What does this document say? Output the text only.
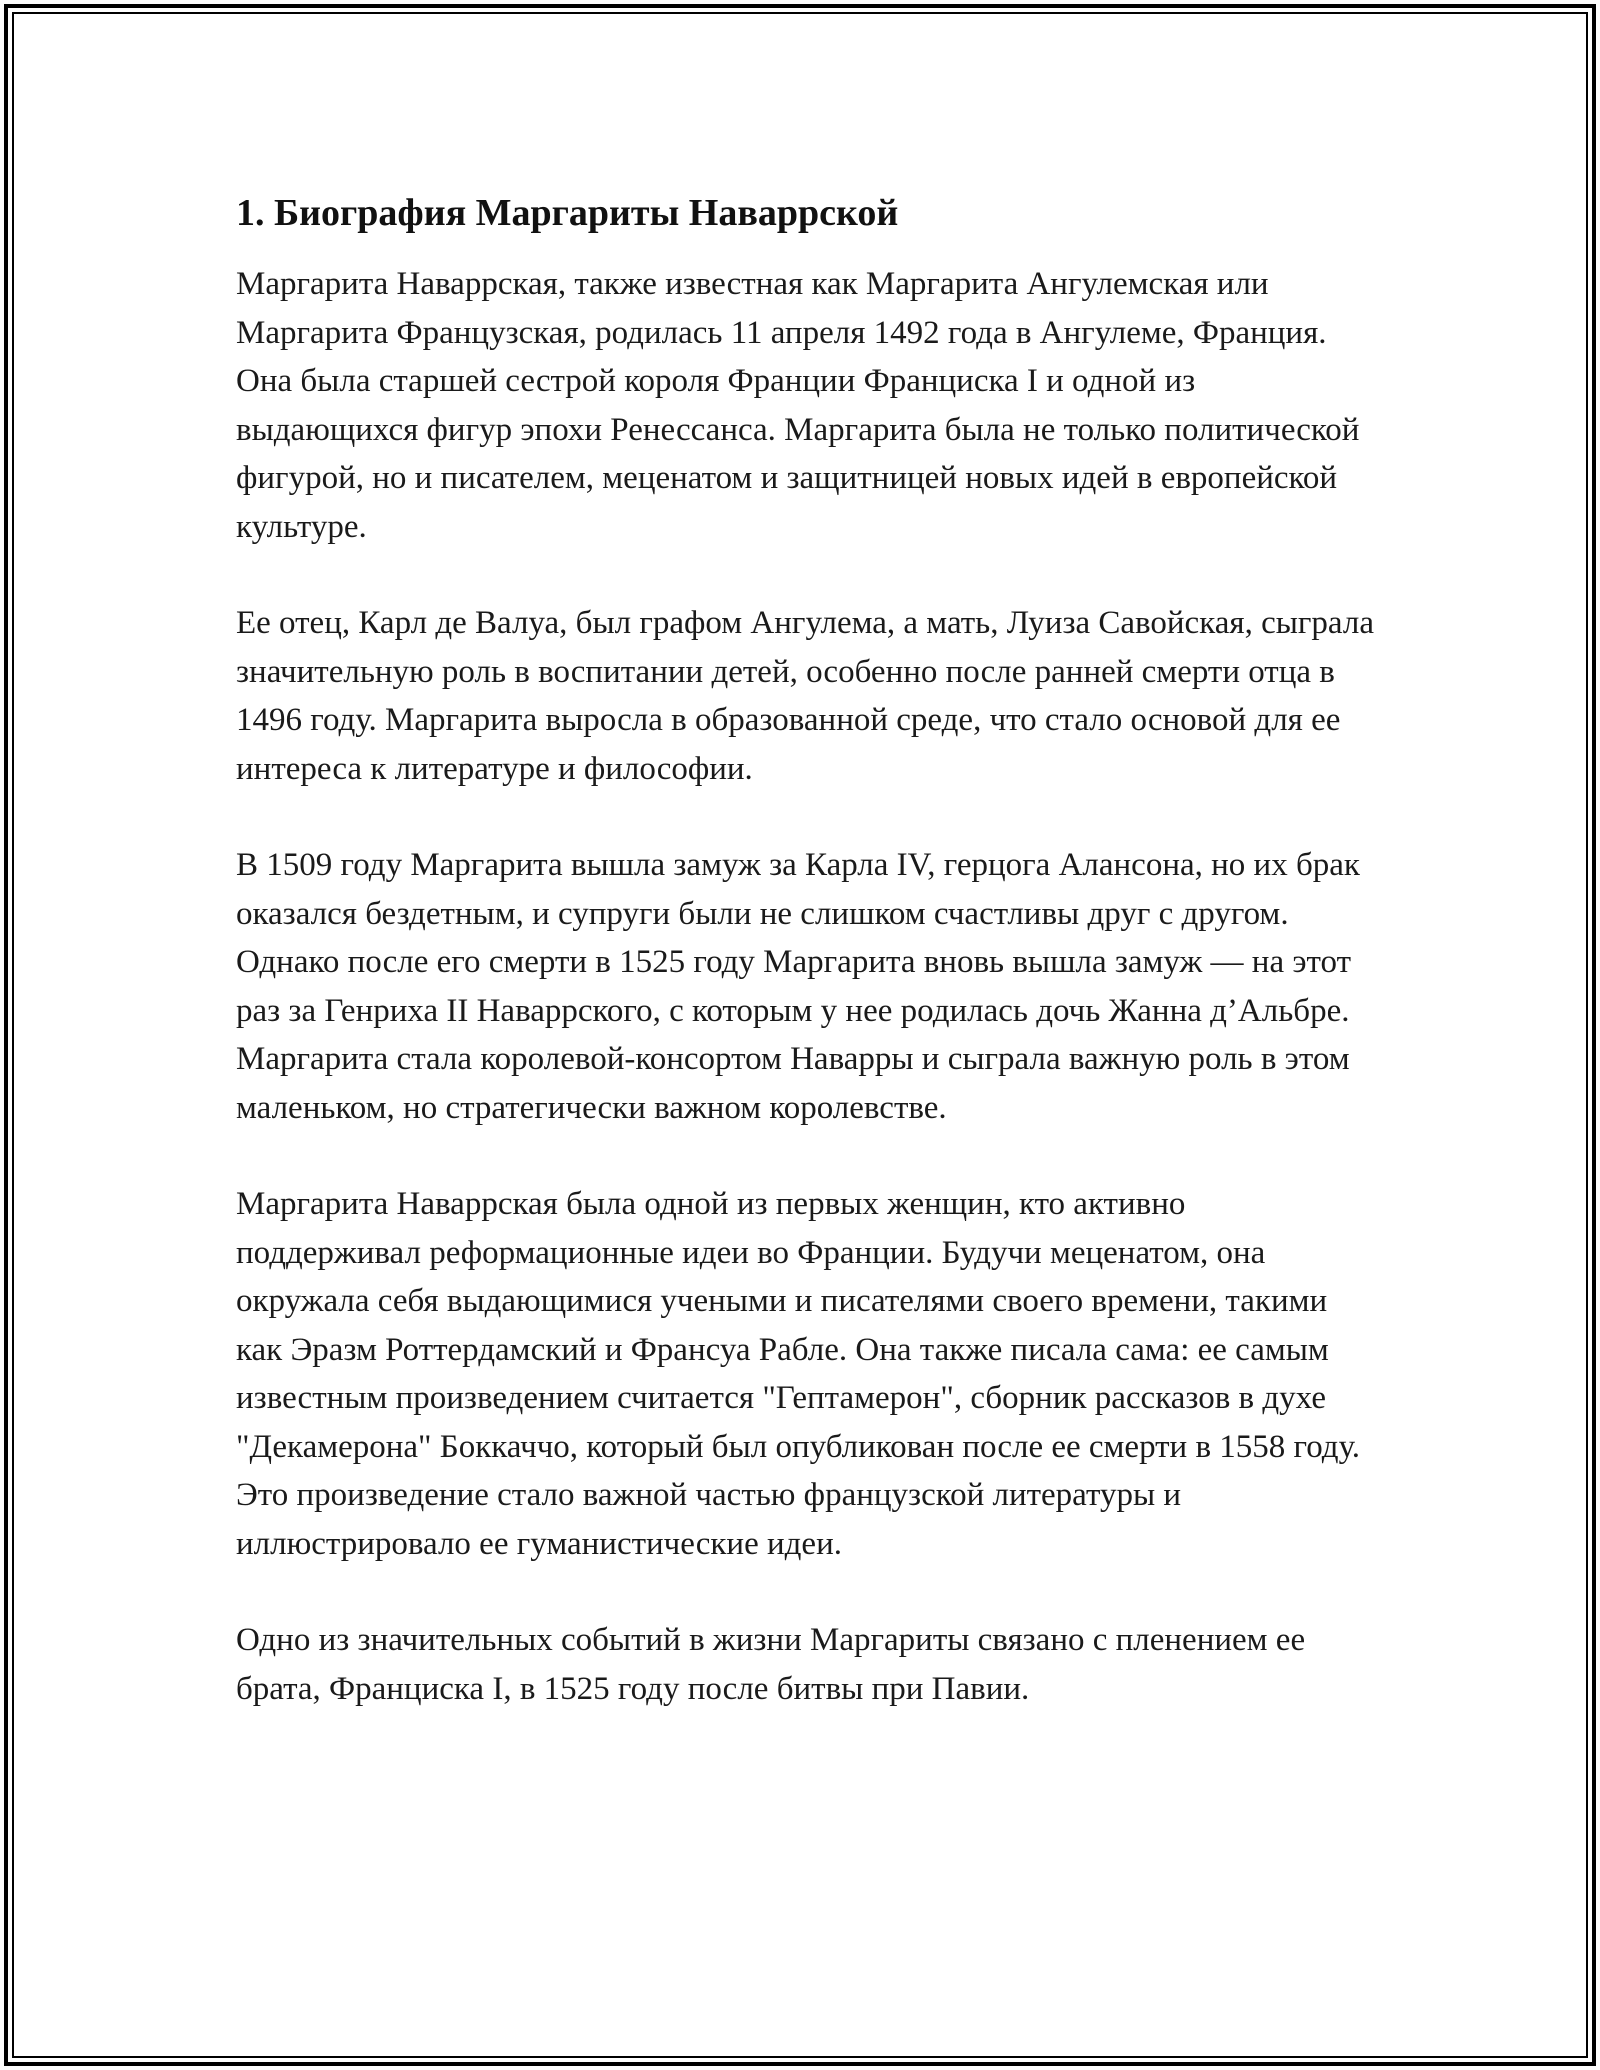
1. Биография Маргариты Наваррской

Маргарита Наваррская, также известная как Маргарита Ангулемская или Маргарита Французская, родилась 11 апреля 1492 года в Ангулеме, Франция. Она была старшей сестрой короля Франции Франциска I и одной из выдающихся фигур эпохи Ренессанса. Маргарита была не только политической фигурой, но и писателем, меценатом и защитницей новых идей в европейской культуре.

Ее отец, Карл де Валуа, был графом Ангулема, а мать, Луиза Савойская, сыграла значительную роль в воспитании детей, особенно после ранней смерти отца в 1496 году. Маргарита выросла в образованной среде, что стало основой для ее интереса к литературе и философии.

В 1509 году Маргарита вышла замуж за Карла IV, герцога Алансона, но их брак оказался бездетным, и супруги были не слишком счастливы друг с другом. Однако после его смерти в 1525 году Маргарита вновь вышла замуж — на этот раз за Генриха II Наваррского, с которым у нее родилась дочь Жанна д’Альбре. Маргарита стала королевой-консортом Наварры и сыграла важную роль в этом маленьком, но стратегически важном королевстве.

Маргарита Наваррская была одной из первых женщин, кто активно поддерживал реформационные идеи во Франции. Будучи меценатом, она окружала себя выдающимися учеными и писателями своего времени, такими как Эразм Роттердамский и Франсуа Рабле. Она также писала сама: ее самым известным произведением считается "Гептамерон", сборник рассказов в духе "Декамерона" Боккаччо, который был опубликован после ее смерти в 1558 году. Это произведение стало важной частью французской литературы и иллюстрировало ее гуманистические идеи.

Одно из значительных событий в жизни Маргариты связано с пленением ее брата, Франциска I, в 1525 году после битвы при Павии.
